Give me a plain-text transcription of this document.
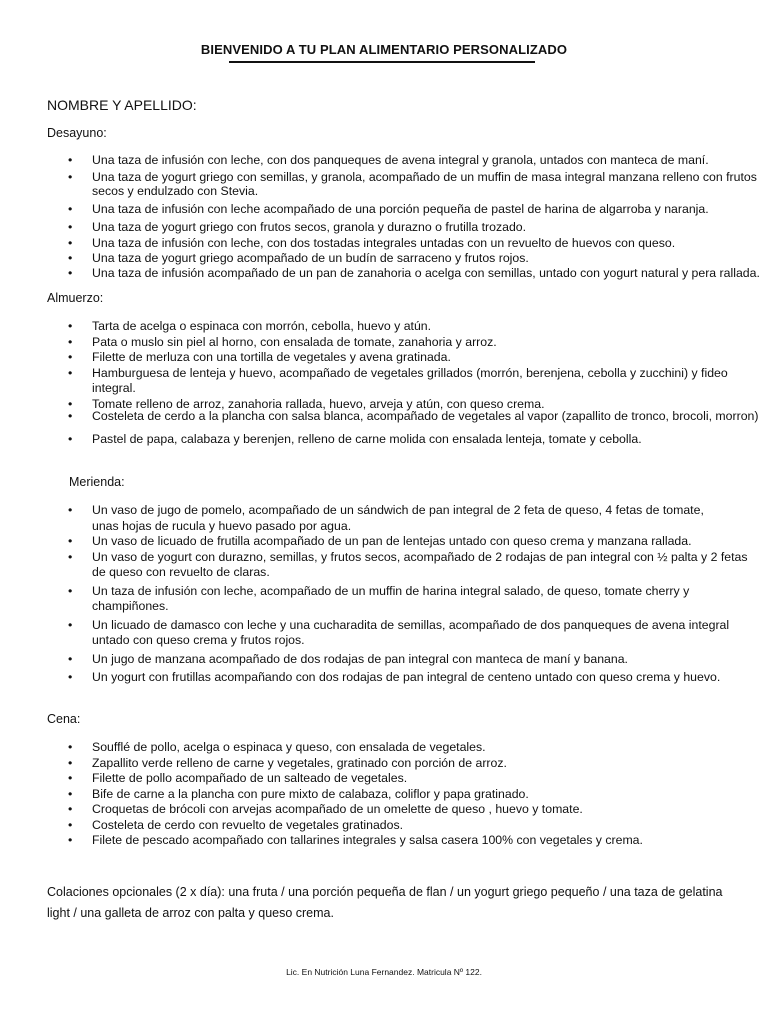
BIENVENIDO A TU PLAN ALIMENTARIO PERSONALIZADO
NOMBRE Y APELLIDO:
Desayuno:
• Una taza de infusión con leche, con dos panqueques de avena integral y granola, untados con manteca de maní.
• Una taza de yogurt griego con semillas, y granola, acompañado de un muffin de masa integral manzana relleno con frutos secos y endulzado con Stevia.
• Una taza de infusión con leche acompañado de una porción pequeña de pastel de harina de algarroba y naranja.
• Una taza de yogurt griego con frutos secos, granola y durazno o frutilla trozado.
• Una taza de infusión con leche, con dos tostadas integrales untadas con un revuelto de huevos con queso.
• Una taza de yogurt griego acompañado de un budín de sarraceno y frutos rojos.
• Una taza de infusión acompañado de un pan de zanahoria o acelga con semillas, untado con yogurt natural y pera rallada.
Almuerzo:
• Tarta de acelga o espinaca con morrón, cebolla, huevo y atún.
• Pata o muslo sin piel al horno, con ensalada de tomate, zanahoria y arroz.
• Filette de merluza con una tortilla de vegetales y avena gratinada.
• Hamburguesa de lenteja y huevo, acompañado de vegetales grillados (morrón, berenjena, cebolla y zucchini) y fideo integral.
• Tomate relleno de arroz, zanahoria rallada, huevo, arveja y atún, con queso crema.
• Costeleta de cerdo a la plancha con salsa blanca, acompañado de vegetales al vapor (zapallito de tronco, brocoli, morron)
• Pastel de papa, calabaza y berenjen, relleno de carne molida con ensalada lenteja, tomate y cebolla.
Merienda:
• Un vaso de jugo de pomelo, acompañado de un sándwich de pan integral de 2 feta de queso, 4 fetas de tomate, unas hojas de rucula y huevo pasado por agua.
• Un vaso de licuado de frutilla acompañado de un pan de lentejas untado con queso crema y manzana rallada.
• Un vaso de yogurt con durazno, semillas, y frutos secos, acompañado de 2 rodajas de pan integral con ½ palta y 2 fetas de queso con revuelto de claras.
• Un taza de infusión con leche, acompañado de un muffin de harina integral salado, de queso, tomate cherry y champiñones.
• Un licuado de damasco con leche y una cucharadita de semillas, acompañado de dos panqueques de avena integral untado con queso crema y frutos rojos.
• Un jugo de manzana acompañado de dos rodajas de pan integral con manteca de maní y banana.
• Un yogurt con frutillas acompañando con dos rodajas de pan integral de centeno untado con queso crema y huevo.
Cena:
• Soufflé de pollo, acelga o espinaca y queso, con ensalada de vegetales.
• Zapallito verde relleno de carne y vegetales, gratinado con porción de arroz.
• Filette de pollo acompañado de un salteado de vegetales.
• Bife de carne a la plancha con pure mixto de calabaza, coliflor y papa gratinado.
• Croquetas de brócoli con arvejas acompañado de un omelette de queso , huevo y tomate.
• Costeleta de cerdo con revuelto de vegetales gratinados.
• Filete de pescado acompañado con tallarines integrales y salsa casera 100% con vegetales y crema.
Colaciones opcionales (2 x día): una fruta / una porción pequeña de flan / un yogurt griego pequeño / una taza de gelatina light / una galleta de arroz con palta y queso crema.
Lic. En Nutrición Luna Fernandez. Matricula Nº 122.
